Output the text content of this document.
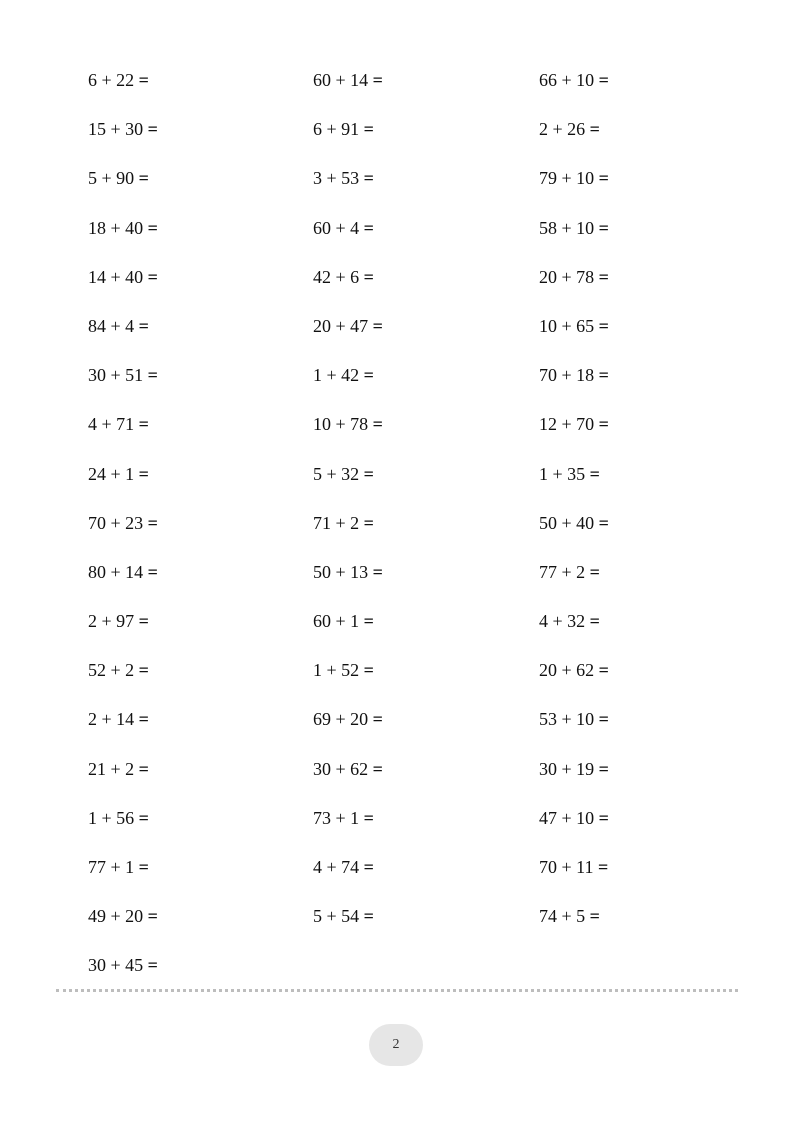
6 + 22 =
15 + 30 =
5 + 90 =
18 + 40 =
14 + 40 =
84 + 4 =
30 + 51 =
4 + 71 =
24 + 1 =
70 + 23 =
80 + 14 =
2 + 97 =
52 + 2 =
2 + 14 =
21 + 2 =
1 + 56 =
77 + 1 =
49 + 20 =
30 + 45 =
60 + 14 =
6 + 91 =
3 + 53 =
60 + 4 =
42 + 6 =
20 + 47 =
1 + 42 =
10 + 78 =
5 + 32 =
71 + 2 =
50 + 13 =
60 + 1 =
1 + 52 =
69 + 20 =
30 + 62 =
73 + 1 =
4 + 74 =
5 + 54 =
66 + 10 =
2 + 26 =
79 + 10 =
58 + 10 =
20 + 78 =
10 + 65 =
70 + 18 =
12 + 70 =
1 + 35 =
50 + 40 =
77 + 2 =
4 + 32 =
20 + 62 =
53 + 10 =
30 + 19 =
47 + 10 =
70 + 11 =
74 + 5 =
2
